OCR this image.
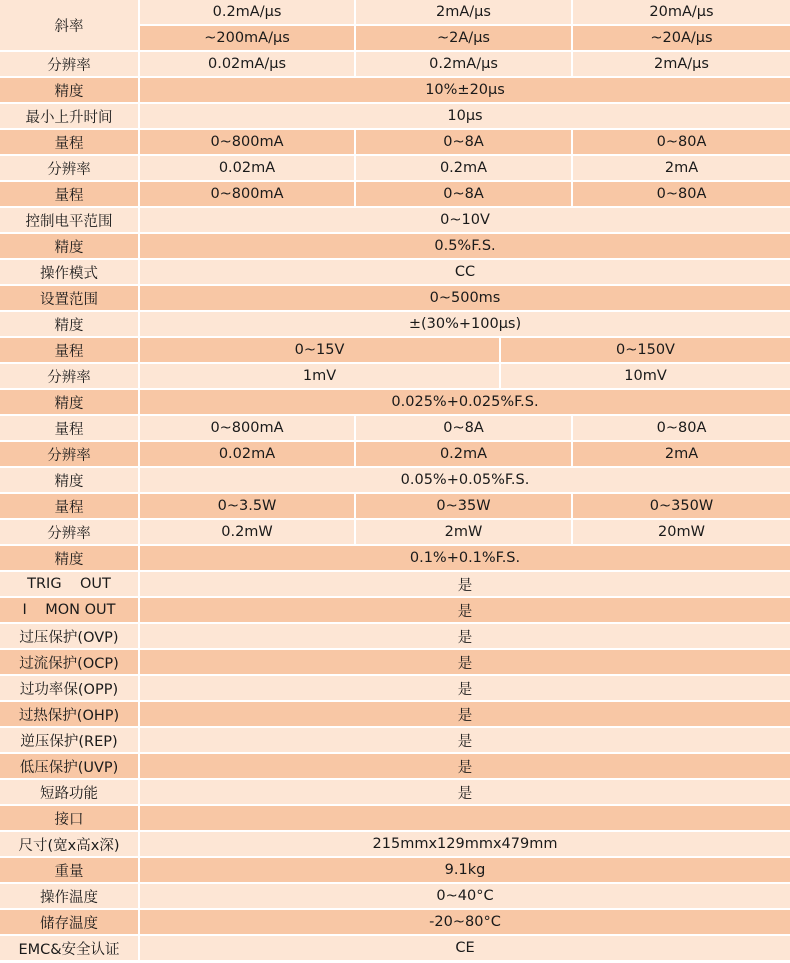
斜率
0.2mA/μs	2mA/μs	20mA/μs
~200mA/μs	~2A/μs	~20A/μs
分辨率	0.02mA/μs	0.2mA/μs	2mA/μs
精度	10%±20μs
最小上升时间	10μs
量程	0~800mA	0~8A	0~80A
分辨率	0.02mA	0.2mA	2mA
量程	0~800mA	0~8A	0~80A
控制电平范围	0~10V
精度	0.5%F.S.
操作模式	CC
设置范围	0~500ms
精度	±(30%+100μs)
量程	0~15V	0~150V
分辨率	1mV	10mV
精度	0.025%+0.025%F.S.
量程	0~800mA	0~8A	0~80A
分辨率	0.02mA	0.2mA	2mA
精度	0.05%+0.05%F.S.
量程	0~3.5W	0~35W	0~350W
分辨率	0.2mW	2mW	20mW
精度	0.1%+0.1%F.S.
TRIG    OUT	是
I    MON OUT	是
过压保护(OVP)	是
过流保护(OCP)	是
过功率保(OPP)	是
过热保护(OHP)	是
逆压保护(REP)	是
低压保护(UVP)	是
短路功能	是
接口
尺寸(宽x高x深)	215mmx129mmx479mm
重量	9.1kg
操作温度	0~40°C
储存温度	-20~80°C
EMC&安全认证	CE
